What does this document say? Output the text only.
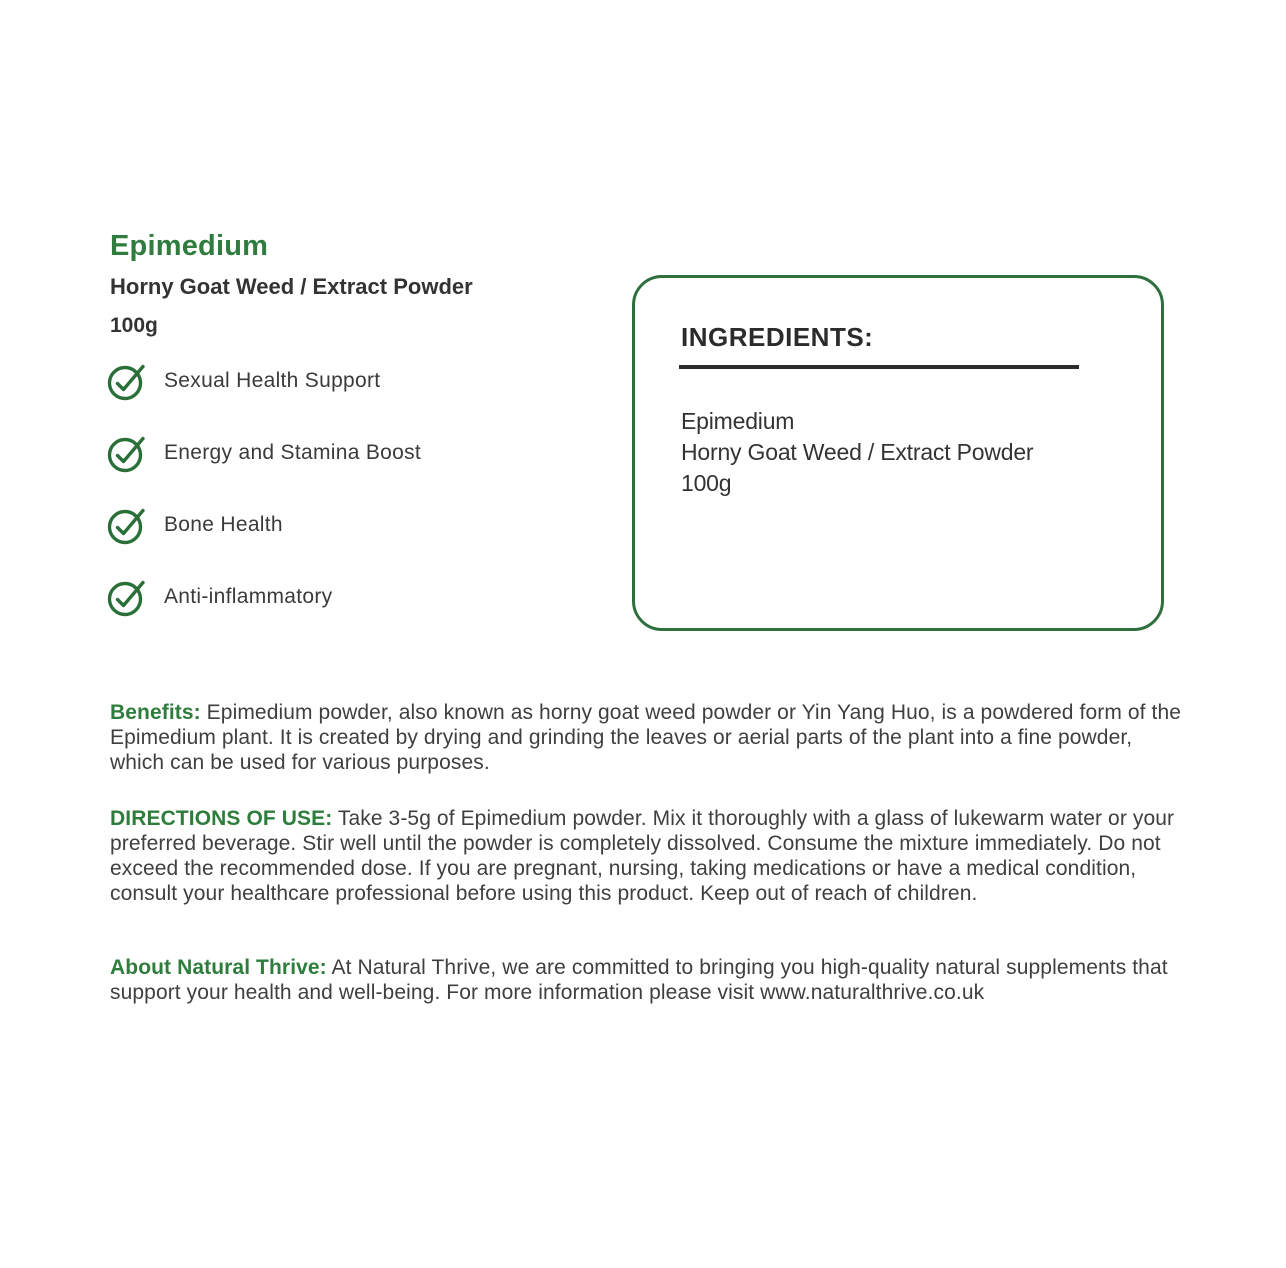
Epimedium
Horny Goat Weed / Extract Powder
100g
Sexual Health Support
Energy and Stamina Boost
Bone Health
Anti-inflammatory
INGREDIENTS:
Epimedium
Horny Goat Weed / Extract Powder
100g

Benefits: Epimedium powder, also known as horny goat weed powder or Yin Yang Huo, is a powdered form of the Epimedium plant. It is created by drying and grinding the leaves or aerial parts of the plant into a fine powder, which can be used for various purposes.

DIRECTIONS OF USE: Take 3-5g of Epimedium powder. Mix it thoroughly with a glass of lukewarm water or your preferred beverage. Stir well until the powder is completely dissolved. Consume the mixture immediately. Do not exceed the recommended dose. If you are pregnant, nursing, taking medications or have a medical condition, consult your healthcare professional before using this product. Keep out of reach of children.

About Natural Thrive: At Natural Thrive, we are committed to bringing you high-quality natural supplements that support your health and well-being. For more information please visit www.naturalthrive.co.uk
